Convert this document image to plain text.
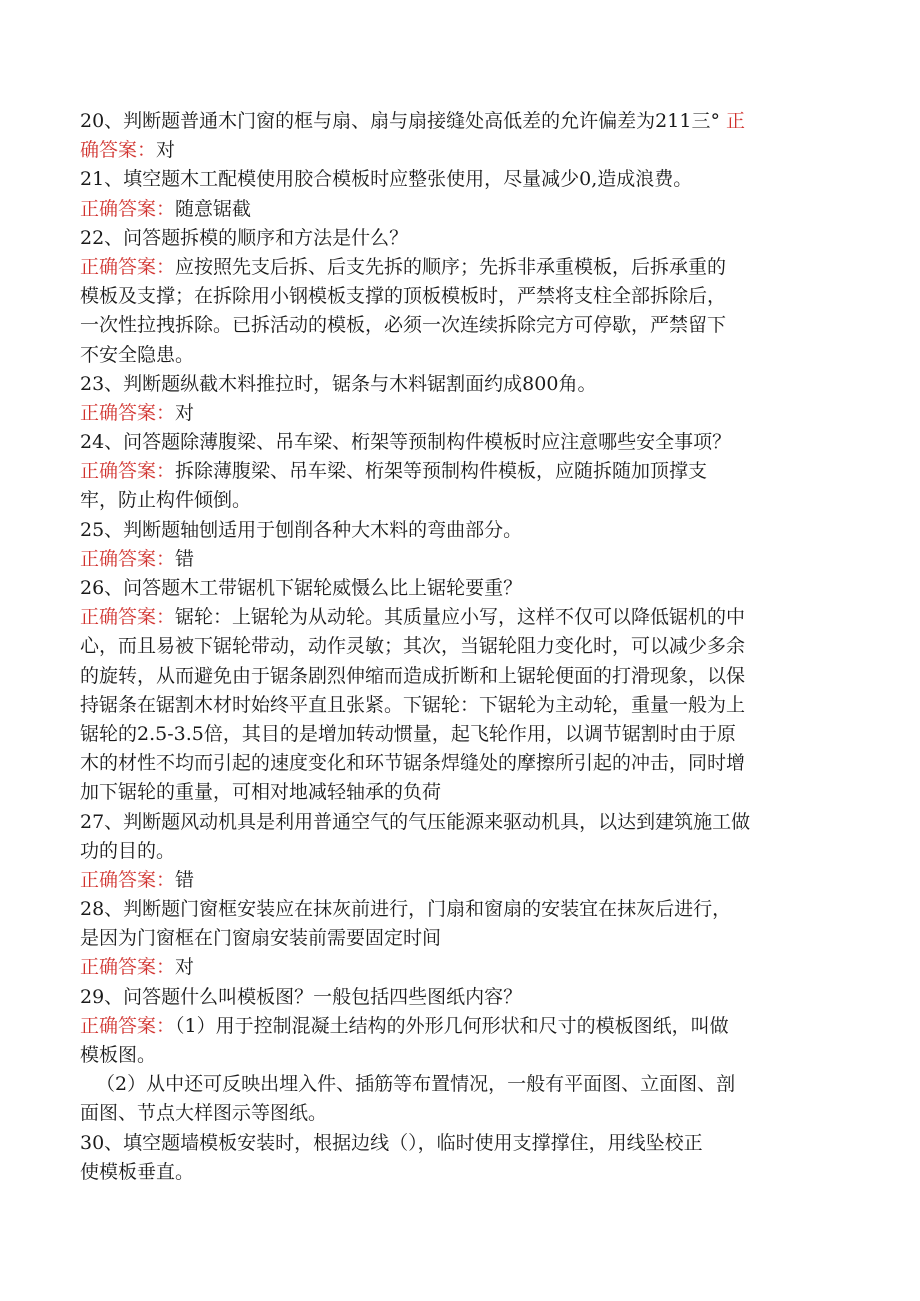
20、判断题普通木门窗的框与扇、扇与扇接缝处高低差的允许偏差为211三° 正
确答案：对
21、填空题木工配模使用胶合模板时应整张使用，尽量减少0,造成浪费。
正确答案：随意锯截
22、问答题拆模的顺序和方法是什么？
正确答案：应按照先支后拆、后支先拆的顺序；先拆非承重模板，后拆承重的
模板及支撑；在拆除用小钢模板支撑的顶板模板时，严禁将支柱全部拆除后，
一次性拉拽拆除。已拆活动的模板，必须一次连续拆除完方可停歇，严禁留下
不安全隐患。
23、判断题纵截木料推拉时，锯条与木料锯割面约成800角。
正确答案：对
24、问答题除薄腹梁、吊车梁、桁架等预制构件模板时应注意哪些安全事项？
正确答案：拆除薄腹梁、吊车梁、桁架等预制构件模板，应随拆随加顶撑支
牢，防止构件倾倒。
25、判断题轴刨适用于刨削各种大木料的弯曲部分。
正确答案：错
26、问答题木工带锯机下锯轮威慑么比上锯轮要重？
正确答案：锯轮：上锯轮为从动轮。其质量应小写，这样不仅可以降低锯机的中
心，而且易被下锯轮带动，动作灵敏；其次，当锯轮阻力变化时，可以减少多余
的旋转，从而避免由于锯条剧烈伸缩而造成折断和上锯轮便面的打滑现象，以保
持锯条在锯割木材时始终平直且张紧。下锯轮：下锯轮为主动轮，重量一般为上
锯轮的2.5-3.5倍，其目的是增加转动惯量，起飞轮作用，以调节锯割时由于原
木的材性不均而引起的速度变化和环节锯条焊缝处的摩擦所引起的冲击，同时增
加下锯轮的重量，可相对地减轻轴承的负荷
27、判断题风动机具是利用普通空气的气压能源来驱动机具，以达到建筑施工做
功的目的。
正确答案：错
28、判断题门窗框安装应在抹灰前进行，门扇和窗扇的安装宜在抹灰后进行，
是因为门窗框在门窗扇安装前需要固定时间
正确答案：对
29、问答题什么叫模板图？一般包括四些图纸内容？
正确答案：（1）用于控制混凝土结构的外形几何形状和尺寸的模板图纸，叫做
模板图。
（2）从中还可反映出埋入件、插筋等布置情况，一般有平面图、立面图、剖
面图、节点大样图示等图纸。
30、填空题墙模板安装时，根据边线（），临时使用支撑撑住，用线坠校正
使模板垂直。
